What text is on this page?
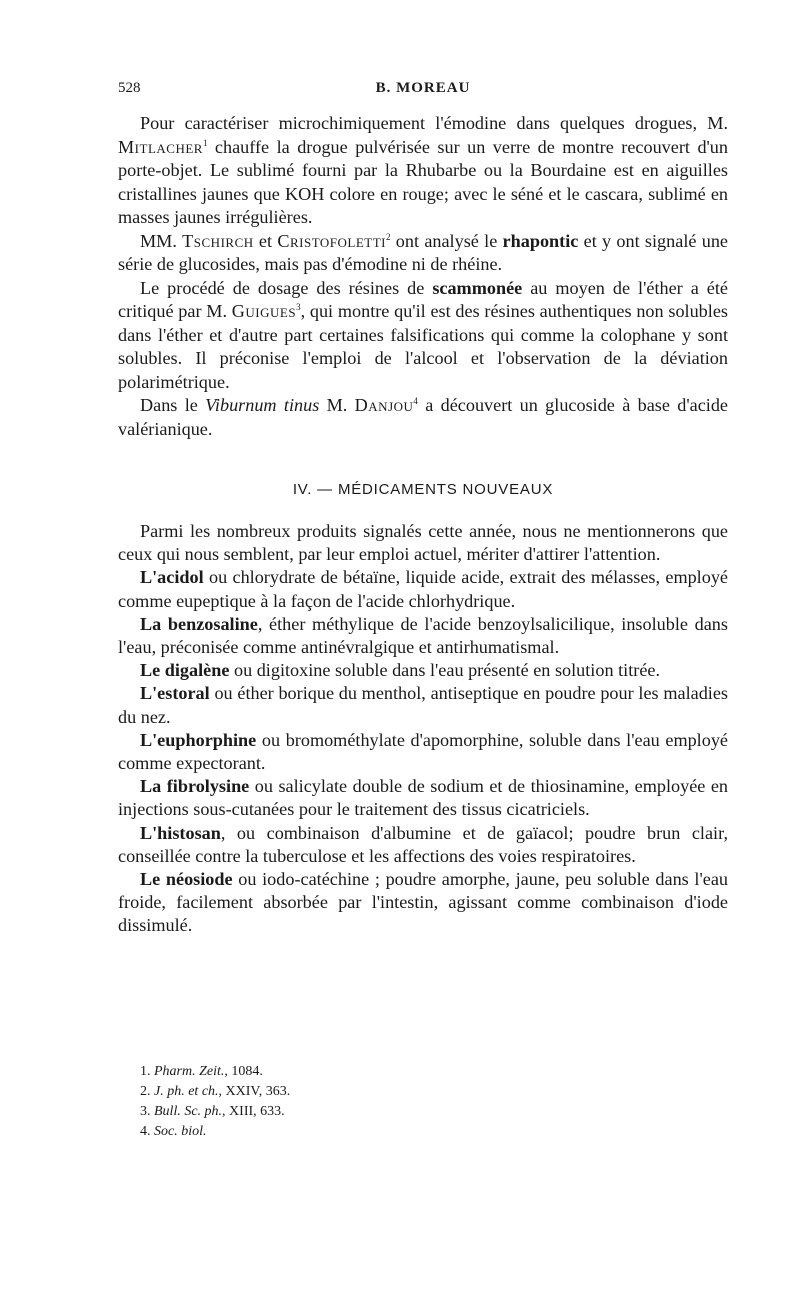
528	B. MOREAU

Pour caractériser microchimiquement l'émodine dans quelques drogues, M. Mitlacher$^1$ chauffe la drogue pulvérisée sur un verre de montre recouvert d'un porte-objet. Le sublimé fourni par la Rhubarbe ou la Bourdaine est en aiguilles cristallines jaunes que KOH colore en rouge; avec le séné et le cascara, sublimé en masses jaunes irrégulières.

MM. Tschirch et Cristofoletti$^2$ ont analysé le rhapontic et y ont signalé une série de glucosides, mais pas d'émodine ni de rhéine.

Le procédé de dosage des résines de scammonée au moyen de l'éther a été critiqué par M. Guigues$^3$, qui montre qu'il est des résines authentiques non solubles dans l'éther et d'autre part certaines falsifications qui comme la colophane y sont solubles. Il préconise l'emploi de l'alcool et l'observation de la déviation polarimétrique.

Dans le Viburnum tinus M. Danjou$^4$ a découvert un glucoside à base d'acide valérianique.

IV. — MÉDICAMENTS NOUVEAUX

Parmi les nombreux produits signalés cette année, nous ne mentionnerons que ceux qui nous semblent, par leur emploi actuel, mériter d'attirer l'attention.

L'acidol ou chlorydrate de bétaïne, liquide acide, extrait des mélasses, employé comme eupeptique à la façon de l'acide chlorhydrique.

La benzosaline, éther méthylique de l'acide benzoylsalicilique, insoluble dans l'eau, préconisée comme antinévralgique et antirhumatismal.

Le digalène ou digitoxine soluble dans l'eau présenté en solution titrée.

L'estoral ou éther borique du menthol, antiseptique en poudre pour les maladies du nez.

L'euphorphine ou bromométhylate d'apomorphine, soluble dans l'eau employé comme expectorant.

La fibrolysine ou salicylate double de sodium et de thiosinamine, employée en injections sous-cutanées pour le traitement des tissus cicatriciels.

L'histosan, ou combinaison d'albumine et de gaïacol; poudre brun clair, conseillée contre la tuberculose et les affections des voies respiratoires.

Le néosiode ou iodo-catéchine ; poudre amorphe, jaune, peu soluble dans l'eau froide, facilement absorbée par l'intestin, agissant comme combinaison d'iode dissimulé.

1. Pharm. Zeit., 1084.
2. J. ph. et ch., XXIV, 363.
3. Bull. Sc. ph., XIII, 633.
4. Soc. biol.
